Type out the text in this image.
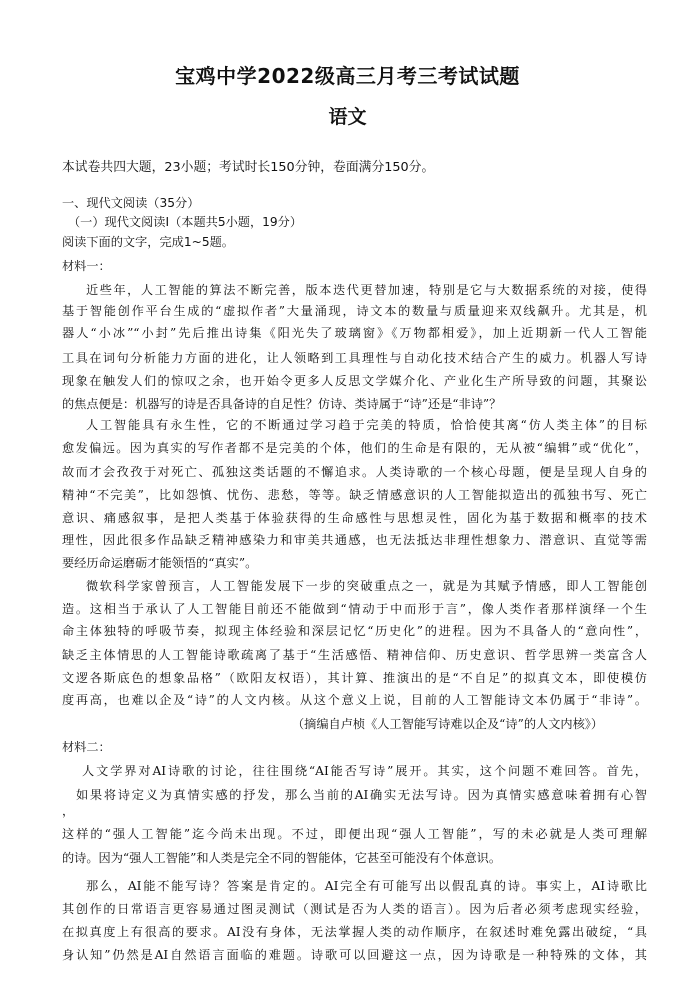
宝鸡中学2022级高三月考三考试试题
语文
本试卷共四大题，23小题；考试时长150分钟，卷面满分150分。
一、现代文阅读（35分）
（一）现代文阅读Ⅰ（本题共5小题，19分）
阅读下面的文字，完成1~5题。
材料一：
近些年，人工智能的算法不断完善，版本迭代更替加速，特别是它与大数据系统的对接，使得
基于智能创作平台生成的“虚拟作者”大量涌现，诗文本的数量与质量迎来双线飙升。尤其是，机
器人“小冰”“小封”先后推出诗集《阳光失了玻璃窗》《万物都相爱》，加上近期新一代人工智能
工具在词句分析能力方面的进化，让人领略到工具理性与自动化技术结合产生的威力。机器人写诗
现象在触发人们的惊叹之余，也开始令更多人反思文学媒介化、产业化生产所导致的问题，其聚讼
的焦点便是：机器写的诗是否具备诗的自足性？仿诗、类诗属于“诗”还是“非诗”？
人工智能具有永生性，它的不断通过学习趋于完美的特质，恰恰使其离“仿人类主体”的目标
愈发偏远。因为真实的写作者都不是完美的个体，他们的生命是有限的，无从被“编辑”或“优化”，
故而才会孜孜于对死亡、孤独这类话题的不懈追求。人类诗歌的一个核心母题，便是呈现人自身的
精神“不完美”，比如怨慎、忧伤、悲愁，等等。缺乏情感意识的人工智能拟造出的孤独书写、死亡
意识、痛感叙事，是把人类基于体验获得的生命感性与思想灵性，固化为基于数据和概率的技术
理性，因此很多作品缺乏精神感染力和审美共通感，也无法抵达非理性想象力、潜意识、直觉等需
要经历命运磨砺才能领悟的“真实”。
微软科学家曾预言，人工智能发展下一步的突破重点之一，就是为其赋予情感，即人工智能创
造。这相当于承认了人工智能目前还不能做到“情动于中而形于言”，像人类作者那样演绎一个生
命主体独特的呼吸节奏，拟现主体经验和深层记忆“历史化”的进程。因为不具备人的“意向性”，
缺乏主体情思的人工智能诗歌疏离了基于“生活感悟、精神信仰、历史意识、哲学思辨一类富含人
文逻各斯底色的想象品格”（欧阳友权语），其计算、推演出的是“不自足”的拟真文本，即使模仿
度再高，也难以企及“诗”的人文内核。从这个意义上说，目前的人工智能诗文本仍属于“非诗”。
（摘编自卢桢《人工智能写诗难以企及“诗”的人文内核》）
材料二：
人文学界对AI诗歌的讨论，往往围绕“AI能否写诗”展开。其实，这个问题不难回答。首先，
如果将诗定义为真情实感的抒发，那么当前的AI确实无法写诗。因为真情实感意味着拥有心智
，
这样的“强人工智能”迄今尚未出现。不过，即便出现“强人工智能”，写的未必就是人类可理解
的诗。因为“强人工智能”和人类是完全不同的智能体，它甚至可能没有个体意识。
那么，AI能不能写诗？答案是肯定的。AI完全有可能写出以假乱真的诗。事实上，AI诗歌比
其创作的日常语言更容易通过图灵测试（测试是否为人类的语言）。因为后者必须考虑现实经验，
在拟真度上有很高的要求。AI没有身体，无法掌握人类的动作顺序，在叙述时难免露出破绽，“具
身认知”仍然是AI自然语言面临的难题。诗歌可以回避这一点，因为诗歌是一种特殊的文体，其
